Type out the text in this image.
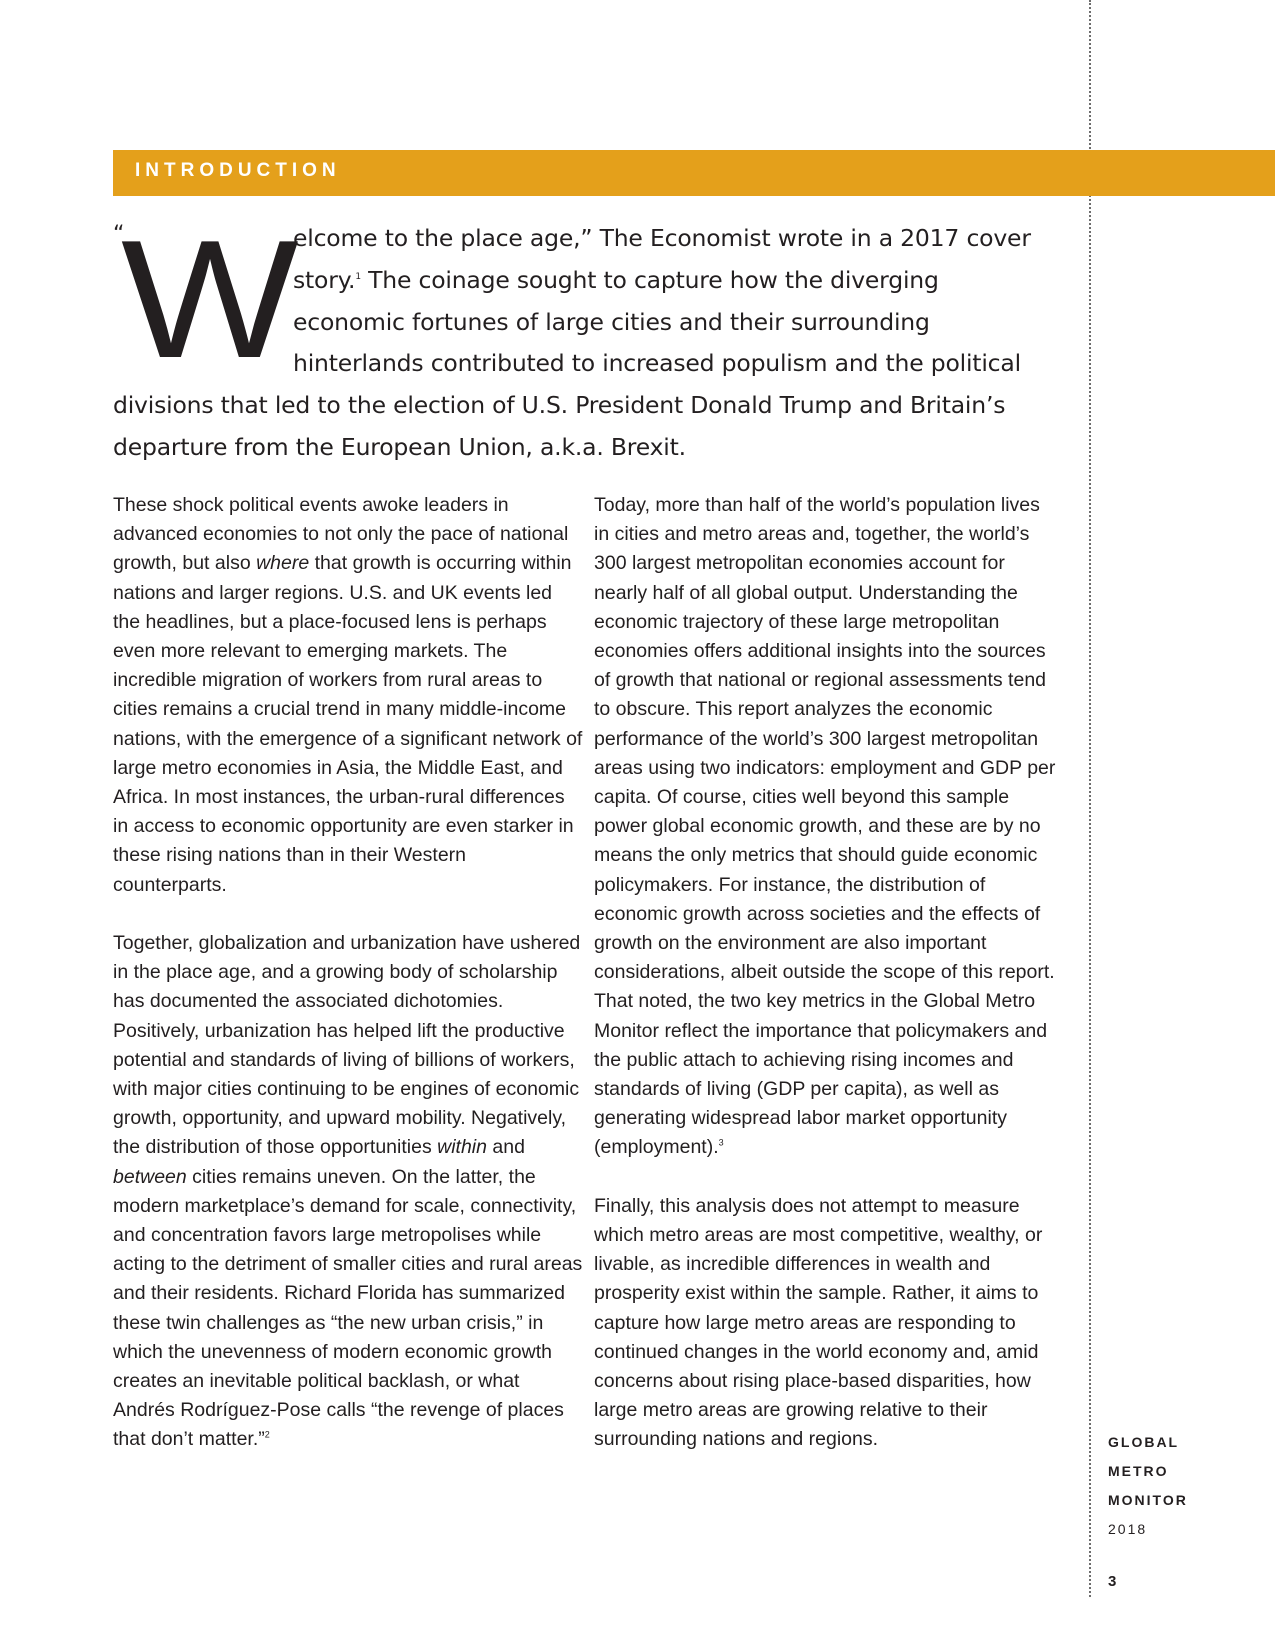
INTRODUCTION
“
W elcome to the place age,” The Economist wrote in a 2017 cover story.$^1$ The coinage sought to capture how the diverging economic fortunes of large cities and their surrounding hinterlands contributed to increased populism and the political divisions that led to the election of U.S. President Donald Trump and Britain’s departure from the European Union, a.k.a. Brexit.

These shock political events awoke leaders in advanced economies to not only the pace of national growth, but also where that growth is occurring within nations and larger regions. U.S. and UK events led the headlines, but a place-focused lens is perhaps even more relevant to emerging markets. The incredible migration of workers from rural areas to cities remains a crucial trend in many middle-income nations, with the emergence of a significant network of large metro economies in Asia, the Middle East, and Africa. In most instances, the urban-rural differences in access to economic opportunity are even starker in these rising nations than in their Western counterparts.

Together, globalization and urbanization have ushered in the place age, and a growing body of scholarship has documented the associated dichotomies. Positively, urbanization has helped lift the productive potential and standards of living of billions of workers, with major cities continuing to be engines of economic growth, opportunity, and upward mobility. Negatively, the distribution of those opportunities within and between cities remains uneven. On the latter, the modern marketplace’s demand for scale, connectivity, and concentration favors large metropolises while acting to the detriment of smaller cities and rural areas and their residents. Richard Florida has summarized these twin challenges as “the new urban crisis,” in which the unevenness of modern economic growth creates an inevitable political backlash, or what Andrés Rodríguez-Pose calls “the revenge of places that don’t matter.”$^2$

Today, more than half of the world’s population lives in cities and metro areas and, together, the world’s 300 largest metropolitan economies account for nearly half of all global output. Understanding the economic trajectory of these large metropolitan economies offers additional insights into the sources of growth that national or regional assessments tend to obscure. This report analyzes the economic performance of the world’s 300 largest metropolitan areas using two indicators: employment and GDP per capita. Of course, cities well beyond this sample power global economic growth, and these are by no means the only metrics that should guide economic policymakers. For instance, the distribution of economic growth across societies and the effects of growth on the environment are also important considerations, albeit outside the scope of this report. That noted, the two key metrics in the Global Metro Monitor reflect the importance that policymakers and the public attach to achieving rising incomes and standards of living (GDP per capita), as well as generating widespread labor market opportunity (employment).$^3$

Finally, this analysis does not attempt to measure which metro areas are most competitive, wealthy, or livable, as incredible differences in wealth and prosperity exist within the sample. Rather, it aims to capture how large metro areas are responding to continued changes in the world economy and, amid concerns about rising place-based disparities, how large metro areas are growing relative to their surrounding nations and regions.	GLOBAL
METRO
MONITOR
2018
3
